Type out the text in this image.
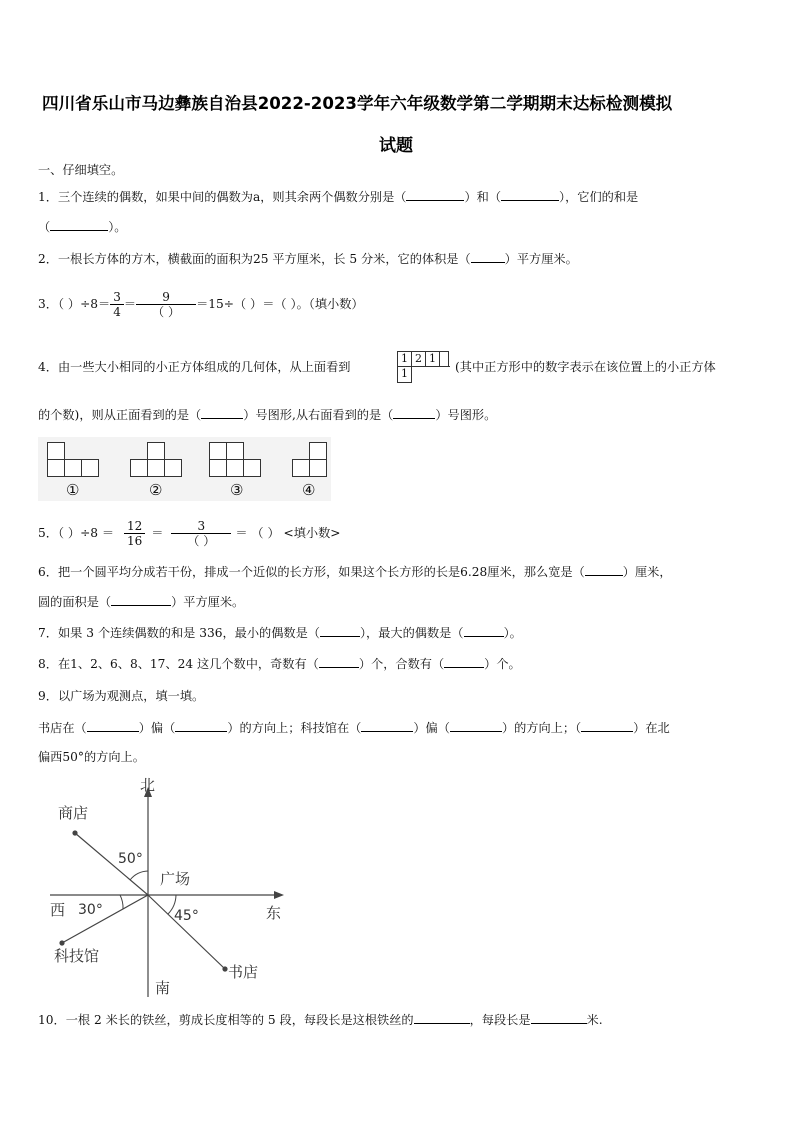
四川省乐山市马边彝族自治县2022-2023学年六年级数学第二学期期末达标检测模拟
试题
一、仔细填空。
1．三个连续的偶数，如果中间的偶数为a，则其余两个偶数分别是（	）和（	），它们的和是
（	）。
2．一根长方体的方木，横截面的面积为25 平方厘米，长 5 分米，它的体积是（	）平方厘米。
3．（ ）$\div 8= \frac{3}{4} = \frac{9}{( )} =15\div$（ ）＝（ ）。（填小数）
4．由一些大小相同的小正方体组成的几何体，从上面看到
1 2 1
1	(其中正方形中的数字表示在该位置上的小正方体
的个数)，则从正面看到的是（	）号图形,从右面看到的是（	）号图形。
①	②	③	④
5．（ ）$\div 8 = \frac{12}{16} = \frac{3}{( )}$ ＝ （ ） <填小数>
6．把一个圆平均分成若干份，排成一个近似的长方形，如果这个长方形的长是6.28厘米，那么宽是（	）厘米，
圆的面积是（	）平方厘米。
7．如果 3 个连续偶数的和是 336，最小的偶数是（	），最大的偶数是（	）。
8．在1、2、6、8、17、24 这几个数中，奇数有（	）个，合数有（	）个。
9．以广场为观测点，填一填。
书店在（	）偏（	）的方向上；科技馆在（	）偏（	）的方向上；（	）在北
偏西50°的方向上。
北
南
西	东
广场
商店
科技馆
书店
50°
30°	45°
10．一根 2 米长的铁丝，剪成长度相等的 5 段，每段长是这根铁丝的	，每段长是	米.
